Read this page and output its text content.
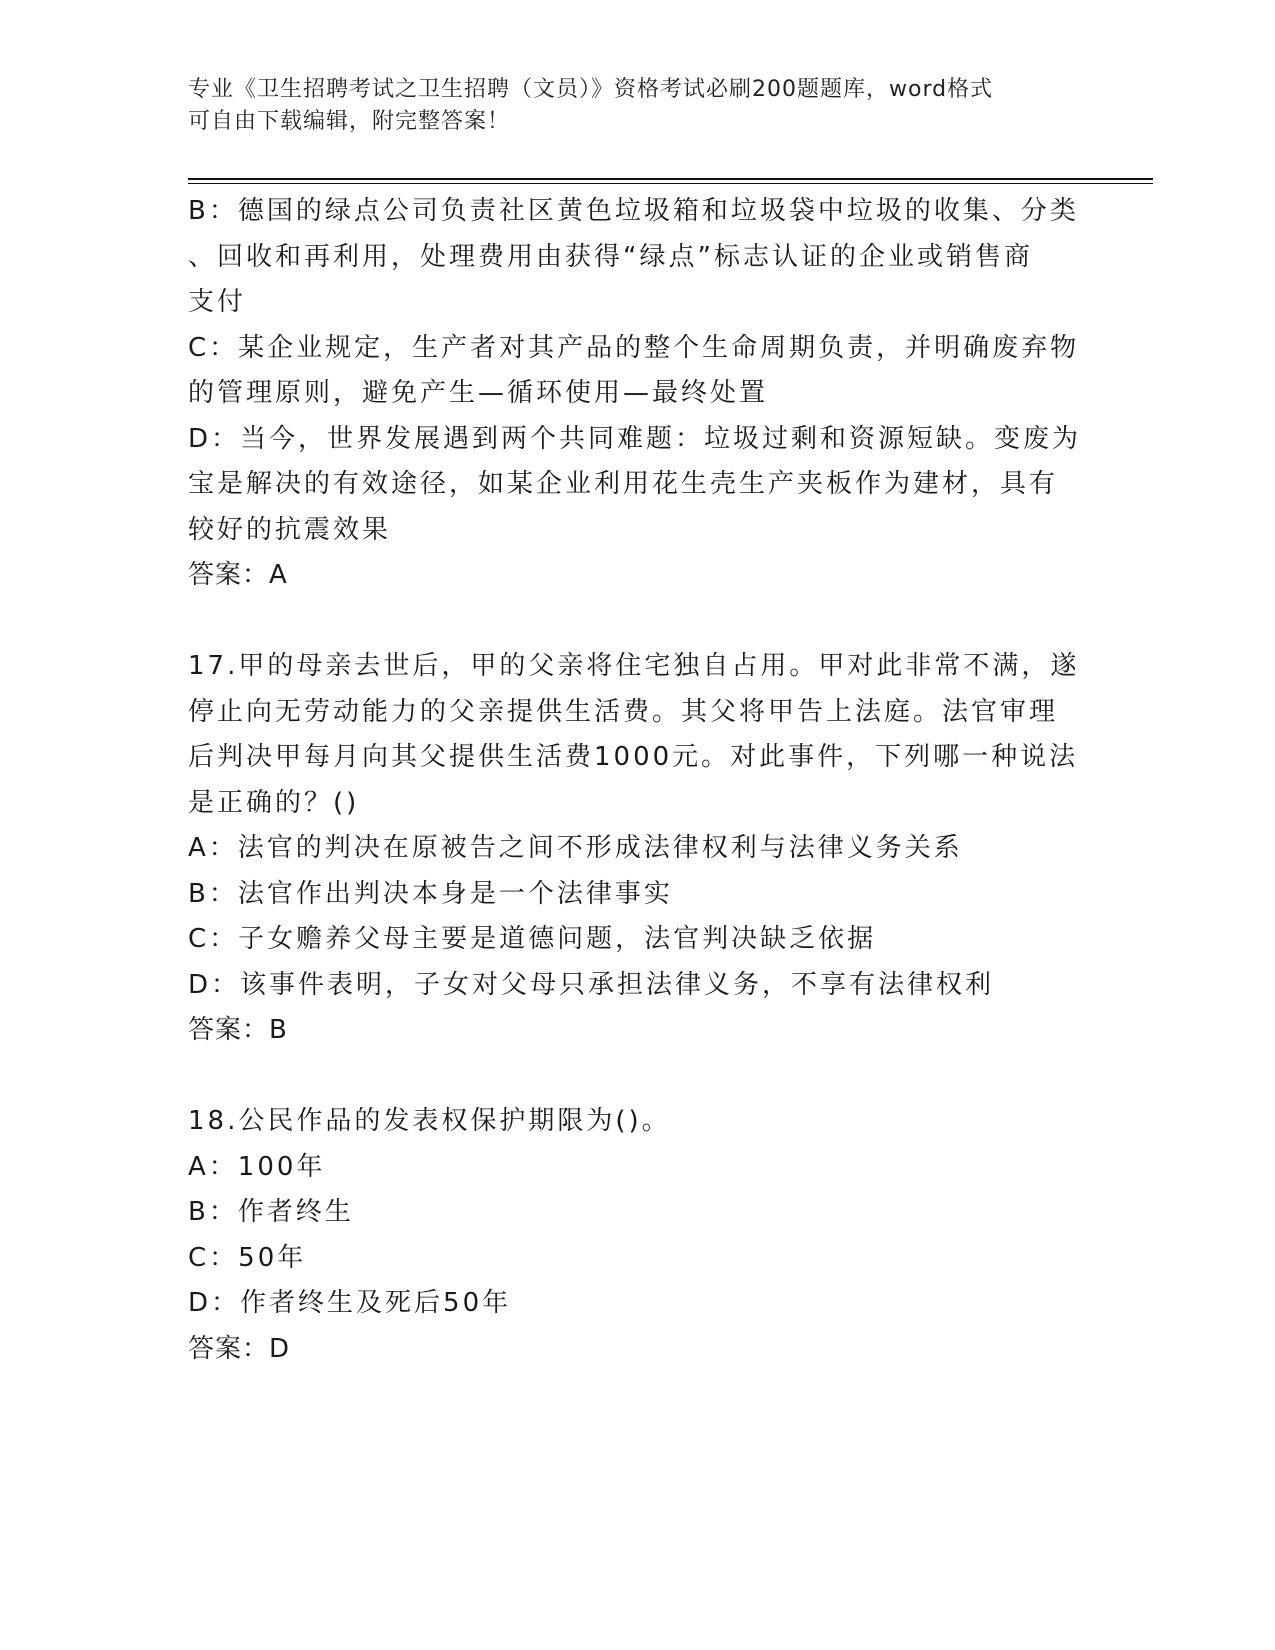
专业《卫生招聘考试之卫生招聘（文员）》资格考试必刷200题题库，word格式
可自由下载编辑，附完整答案！
B：德国的绿点公司负责社区黄色垃圾箱和垃圾袋中垃圾的收集、分类
、回收和再利用，处理费用由获得“绿点”标志认证的企业或销售商
支付
C：某企业规定，生产者对其产品的整个生命周期负责，并明确废弃物
的管理原则，避免产生—循环使用—最终处置
D：当今，世界发展遇到两个共同难题：垃圾过剩和资源短缺。变废为
宝是解决的有效途径，如某企业利用花生壳生产夹板作为建材，具有
较好的抗震效果
答案：A
17.甲的母亲去世后，甲的父亲将住宅独自占用。甲对此非常不满，遂
停止向无劳动能力的父亲提供生活费。其父将甲告上法庭。法官审理
后判决甲每月向其父提供生活费1000元。对此事件，下列哪一种说法
是正确的？()
A：法官的判决在原被告之间不形成法律权利与法律义务关系
B：法官作出判决本身是一个法律事实
C：子女赡养父母主要是道德问题，法官判决缺乏依据
D：该事件表明，子女对父母只承担法律义务，不享有法律权利
答案：B
18.公民作品的发表权保护期限为()。
A：100年
B：作者终生
C：50年
D：作者终生及死后50年
答案：D
